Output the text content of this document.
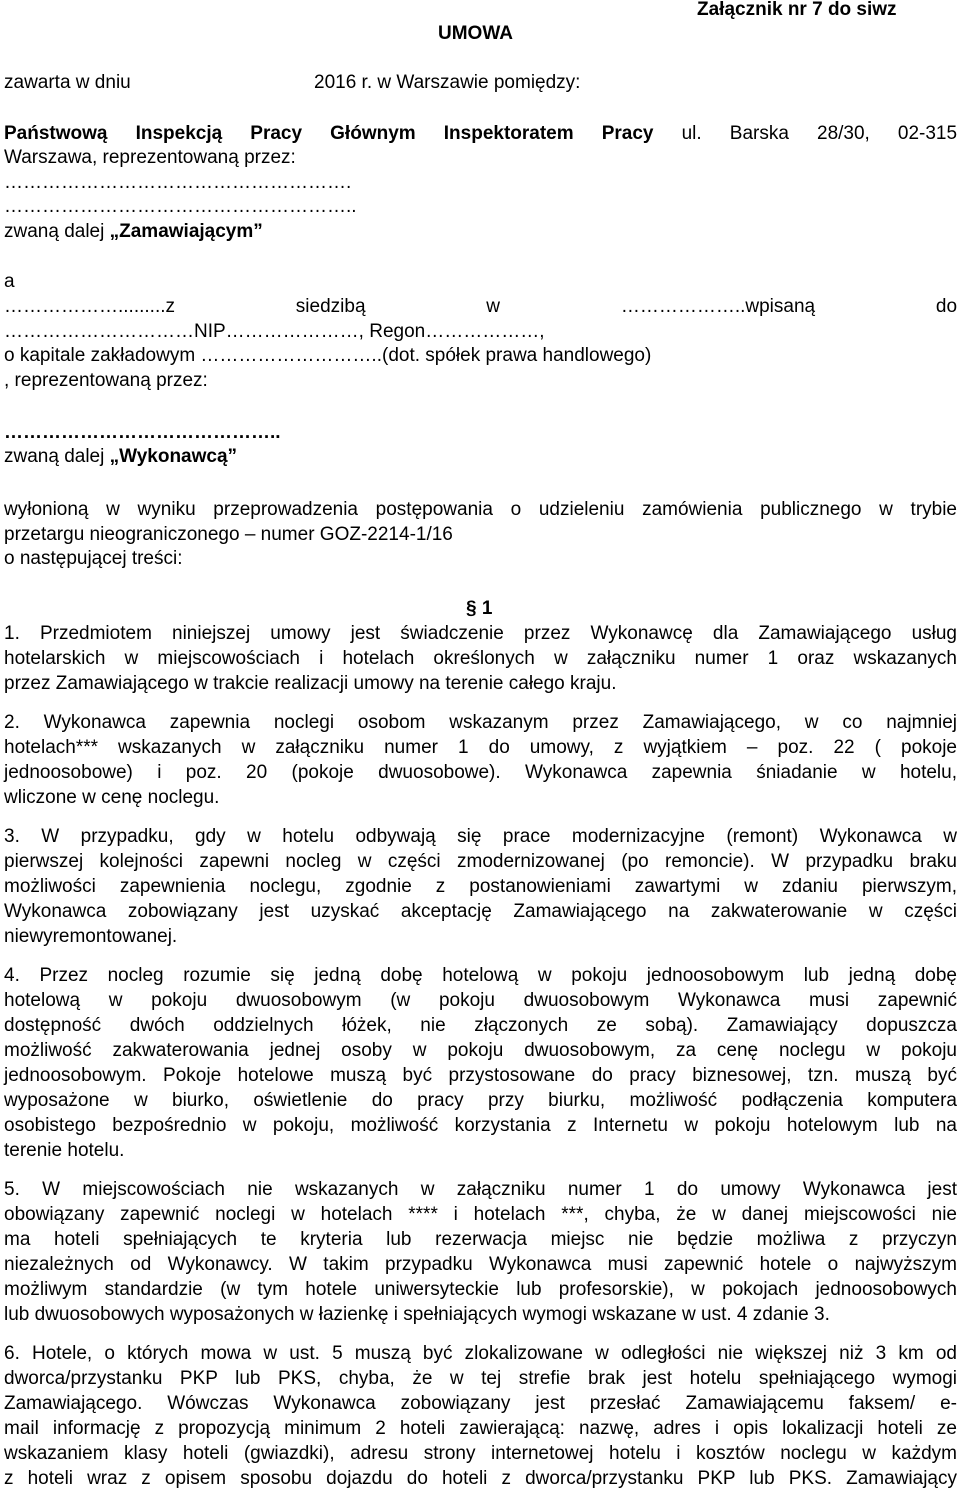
Załącznik nr 7 do siwz
UMOWA
zawarta w dniu	2016 r. w Warszawie pomiędzy:
Państwową Inspekcją Pracy Głównym Inspektoratem Pracy ul. Barska 28/30, 02-315
Warszawa, reprezentowaną przez:
……………………………………………….
………………………………………………..
zwaną dalej „Zamawiającym”
a
……………….........z	siedzibą	w	………………..wpisaną	do
…………………………NIP…………………, Regon………………,
o kapitale zakładowym ………………………..(dot. spółek prawa handlowego)
, reprezentowaną przez:
……………………………………..
zwaną dalej „Wykonawcą”
wyłonioną w wyniku przeprowadzenia postępowania o udzieleniu zamówienia publicznego w trybie
przetargu nieograniczonego – numer GOZ-2214-1/16
o następującej treści:
§ 1
1. Przedmiotem niniejszej umowy jest świadczenie przez Wykonawcę dla Zamawiającego usług
hotelarskich w miejscowościach i hotelach określonych w załączniku numer 1 oraz wskazanych
przez Zamawiającego w trakcie realizacji umowy na terenie całego kraju.
2. Wykonawca zapewnia noclegi osobom wskazanym przez Zamawiającego, w co najmniej
hotelach*** wskazanych w załączniku numer 1 do umowy, z wyjątkiem – poz. 22 ( pokoje
jednoosobowe) i poz. 20 (pokoje dwuosobowe). Wykonawca zapewnia śniadanie w hotelu,
wliczone w cenę noclegu.
3. W przypadku, gdy w hotelu odbywają się prace modernizacyjne (remont) Wykonawca w
pierwszej kolejności zapewni nocleg w części zmodernizowanej (po remoncie). W przypadku braku
możliwości zapewnienia noclegu, zgodnie z postanowieniami zawartymi w zdaniu pierwszym,
Wykonawca zobowiązany jest uzyskać akceptację Zamawiającego na zakwaterowanie w części
niewyremontowanej.
4. Przez nocleg rozumie się jedną dobę hotelową w pokoju jednoosobowym lub jedną dobę
hotelową w pokoju dwuosobowym (w pokoju dwuosobowym Wykonawca musi zapewnić
dostępność dwóch oddzielnych łóżek, nie złączonych ze sobą). Zamawiający dopuszcza
możliwość zakwaterowania jednej osoby w pokoju dwuosobowym, za cenę noclegu w pokoju
jednoosobowym. Pokoje hotelowe muszą być przystosowane do pracy biznesowej, tzn. muszą być
wyposażone w biurko, oświetlenie do pracy przy biurku, możliwość podłączenia komputera
osobistego bezpośrednio w pokoju, możliwość korzystania z Internetu w pokoju hotelowym lub na
terenie hotelu.
5. W miejscowościach nie wskazanych w załączniku numer 1 do umowy Wykonawca jest
obowiązany zapewnić noclegi w hotelach **** i hotelach ***, chyba, że w danej miejscowości nie
ma hoteli spełniających te kryteria lub rezerwacja miejsc nie będzie możliwa z przyczyn
niezależnych od Wykonawcy. W takim przypadku Wykonawca musi zapewnić hotele o najwyższym
możliwym standardzie (w tym hotele uniwersyteckie lub profesorskie), w pokojach jednoosobowych
lub dwuosobowych wyposażonych w łazienkę i spełniających wymogi wskazane w ust. 4 zdanie 3.
6. Hotele, o których mowa w ust. 5 muszą być zlokalizowane w odległości nie większej niż 3 km od
dworca/przystanku PKP lub PKS, chyba, że w tej strefie brak jest hotelu spełniającego wymogi
Zamawiającego. Wówczas Wykonawca zobowiązany jest przesłać Zamawiającemu faksem/ e-
mail informację z propozycją minimum 2 hoteli zawierającą: nazwę, adres i opis lokalizacji hoteli ze
wskazaniem klasy hoteli (gwiazdki), adresu strony internetowej hotelu i kosztów noclegu w każdym
z hoteli wraz z opisem sposobu dojazdu do hoteli z dworca/przystanku PKP lub PKS. Zamawiający
